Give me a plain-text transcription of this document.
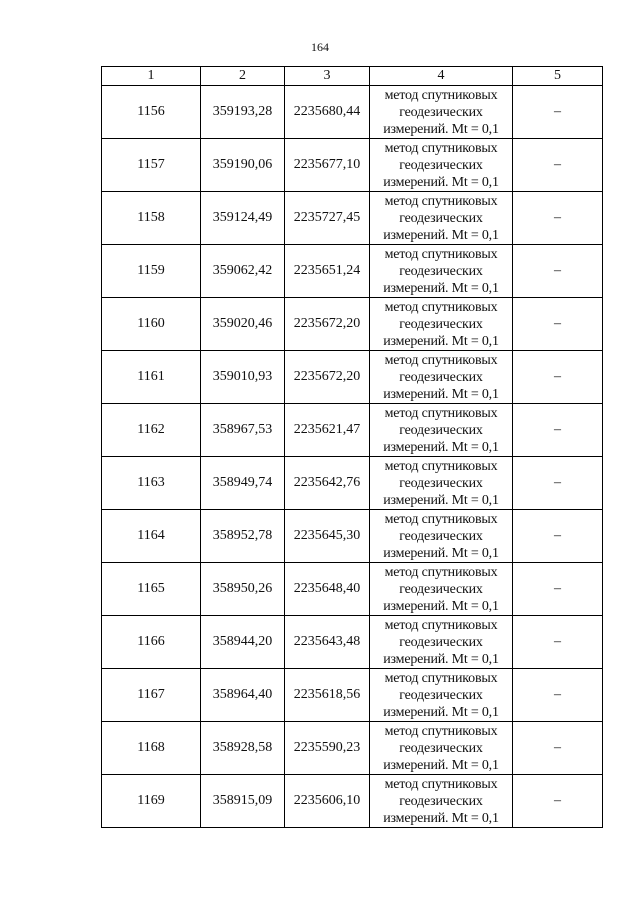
164
1	2	3	4	5
1156	359193,28	2235680,44	метод спутниковых
геодезических
измерений. Mt = 0,1	–
1157	359190,06	2235677,10	метод спутниковых
геодезических
измерений. Mt = 0,1	–
1158	359124,49	2235727,45	метод спутниковых
геодезических
измерений. Mt = 0,1	–
1159	359062,42	2235651,24	метод спутниковых
геодезических
измерений. Mt = 0,1	–
1160	359020,46	2235672,20	метод спутниковых
геодезических
измерений. Mt = 0,1	–
1161	359010,93	2235672,20	метод спутниковых
геодезических
измерений. Mt = 0,1	–
1162	358967,53	2235621,47	метод спутниковых
геодезических
измерений. Mt = 0,1	–
1163	358949,74	2235642,76	метод спутниковых
геодезических
измерений. Mt = 0,1	–
1164	358952,78	2235645,30	метод спутниковых
геодезических
измерений. Mt = 0,1	–
1165	358950,26	2235648,40	метод спутниковых
геодезических
измерений. Mt = 0,1	–
1166	358944,20	2235643,48	метод спутниковых
геодезических
измерений. Mt = 0,1	–
1167	358964,40	2235618,56	метод спутниковых
геодезических
измерений. Mt = 0,1	–
1168	358928,58	2235590,23	метод спутниковых
геодезических
измерений. Mt = 0,1	–
1169	358915,09	2235606,10	метод спутниковых
геодезических
измерений. Mt = 0,1	–
